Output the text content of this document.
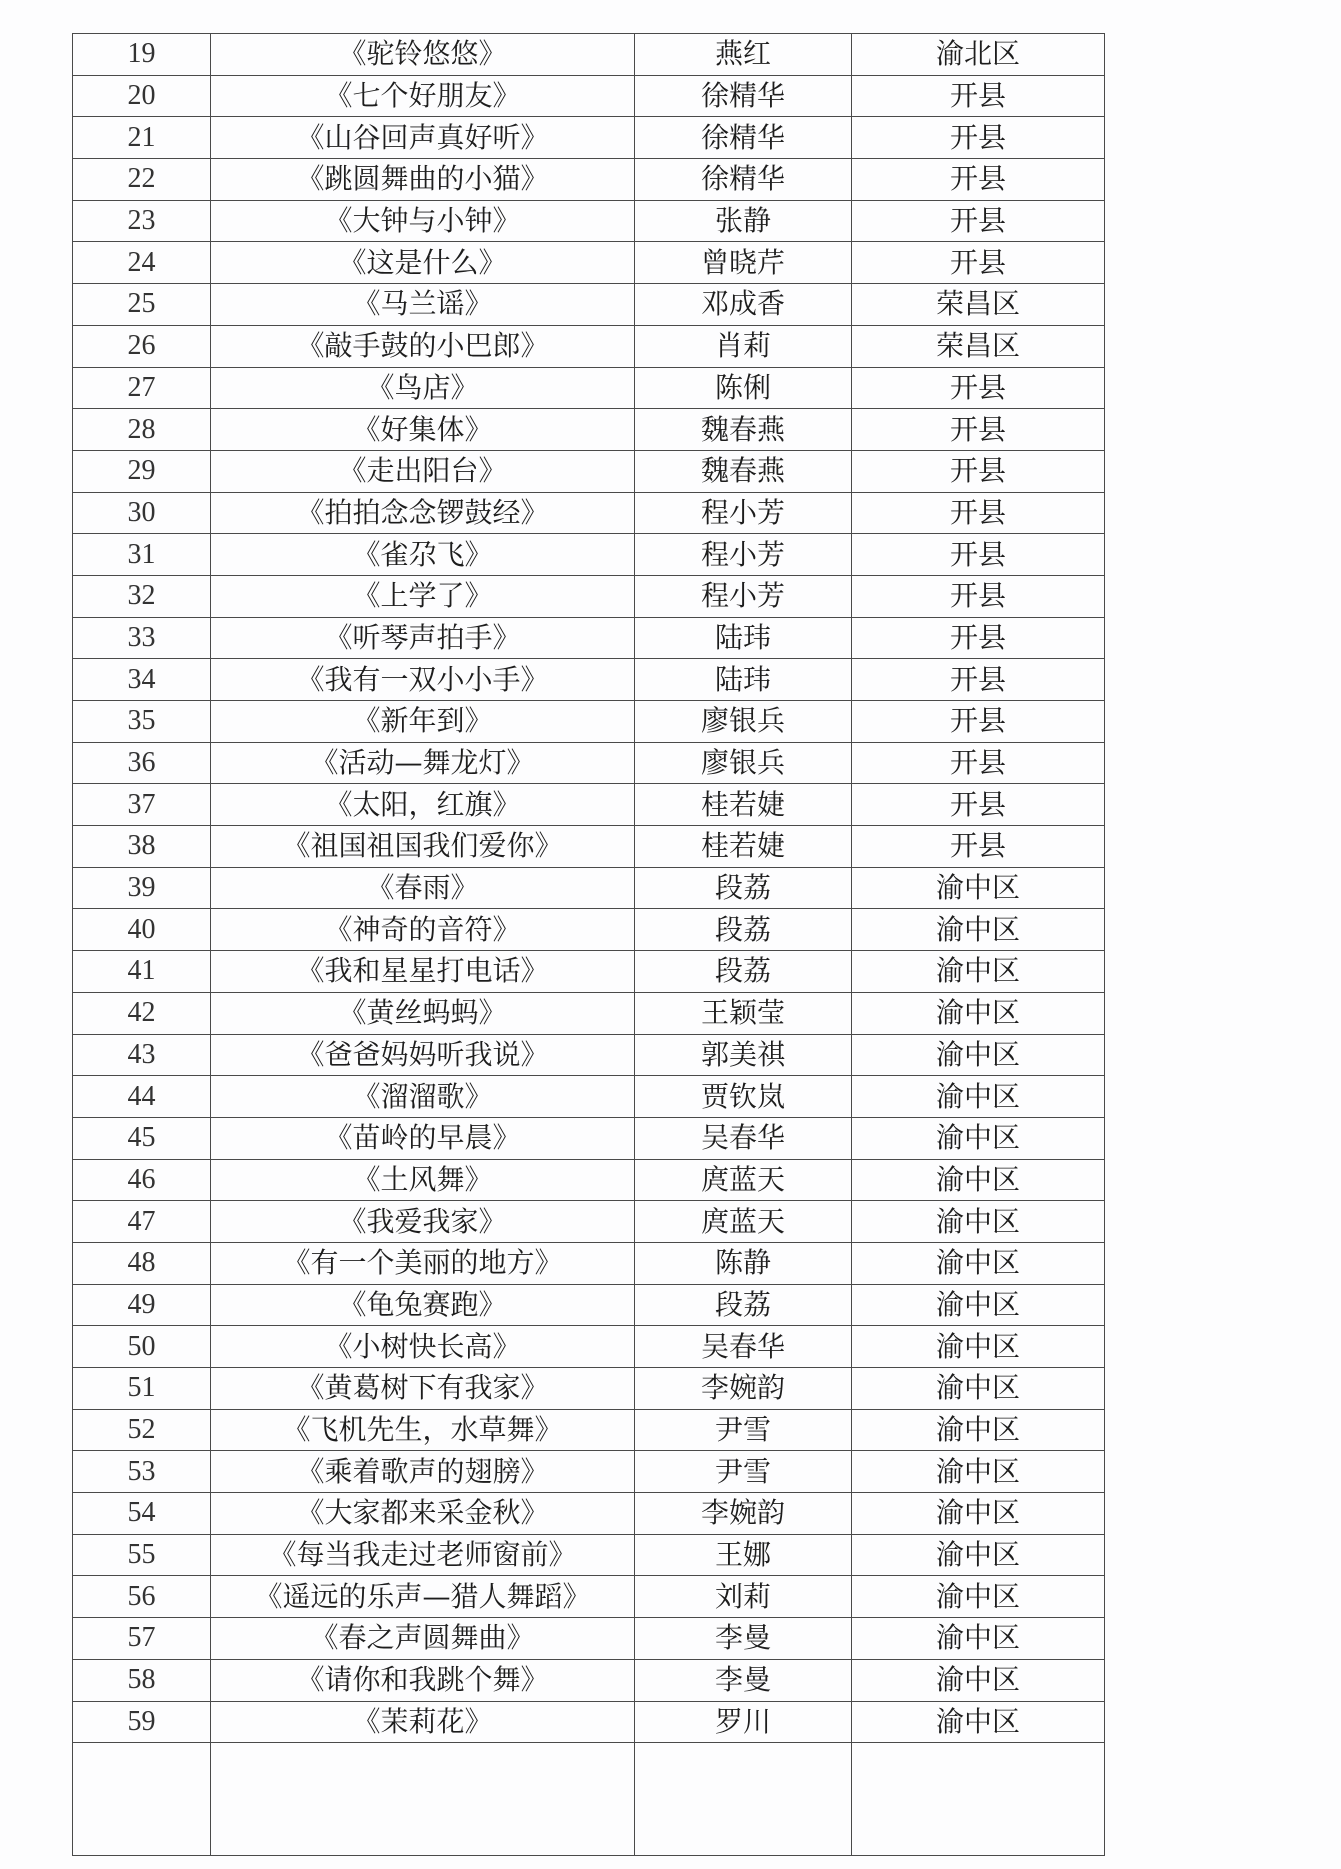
19	《驼铃悠悠》	燕红	渝北区
20	《七个好朋友》	徐精华	开县
21	《山谷回声真好听》	徐精华	开县
22	《跳圆舞曲的小猫》	徐精华	开县
23	《大钟与小钟》	张静	开县
24	《这是什么》	曾晓芹	开县
25	《马兰谣》	邓成香	荣昌区
26	《敲手鼓的小巴郎》	肖莉	荣昌区
27	《鸟店》	陈俐	开县
28	《好集体》	魏春燕	开县
29	《走出阳台》	魏春燕	开县
30	《拍拍念念锣鼓经》	程小芳	开县
31	《雀尕飞》	程小芳	开县
32	《上学了》	程小芳	开县
33	《听琴声拍手》	陆玮	开县
34	《我有一双小小手》	陆玮	开县
35	《新年到》	廖银兵	开县
36	《活动—舞龙灯》	廖银兵	开县
37	《太阳，红旗》	桂若婕	开县
38	《祖国祖国我们爱你》	桂若婕	开县
39	《春雨》	段荔	渝中区
40	《神奇的音符》	段荔	渝中区
41	《我和星星打电话》	段荔	渝中区
42	《黄丝蚂蚂》	王颖莹	渝中区
43	《爸爸妈妈听我说》	郭美祺	渝中区
44	《溜溜歌》	贾钦岚	渝中区
45	《苗岭的早晨》	吴春华	渝中区
46	《土风舞》	庹蓝天	渝中区
47	《我爱我家》	庹蓝天	渝中区
48	《有一个美丽的地方》	陈静	渝中区
49	《龟兔赛跑》	段荔	渝中区
50	《小树快长高》	吴春华	渝中区
51	《黄葛树下有我家》	李婉韵	渝中区
52	《飞机先生，水草舞》	尹雪	渝中区
53	《乘着歌声的翅膀》	尹雪	渝中区
54	《大家都来采金秋》	李婉韵	渝中区
55	《每当我走过老师窗前》	王娜	渝中区
56	《遥远的乐声—猎人舞蹈》	刘莉	渝中区
57	《春之声圆舞曲》	李曼	渝中区
58	《请你和我跳个舞》	李曼	渝中区
59	《茉莉花》	罗川	渝中区
